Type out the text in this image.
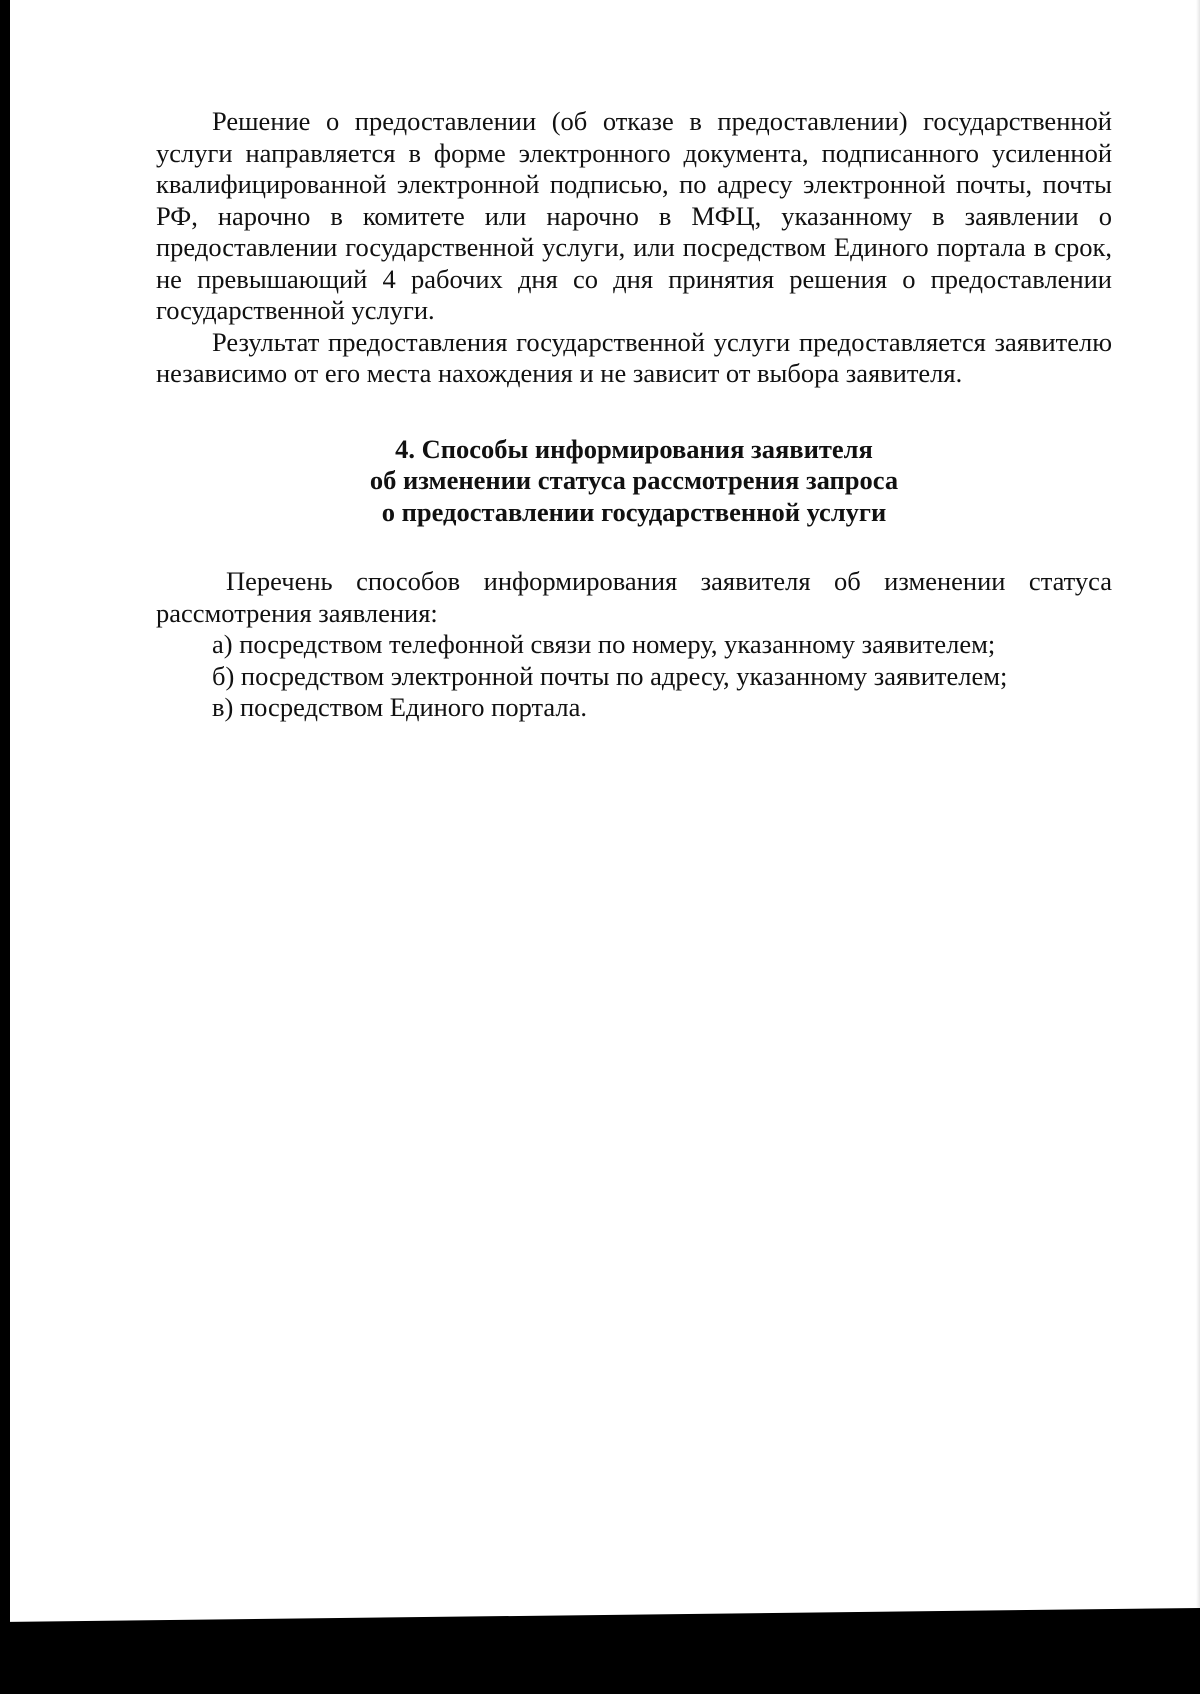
Решение о предоставлении (об отказе в предоставлении) государственной услуги направляется в форме электронного документа, подписанного усиленной квалифицированной электронной подписью, по адресу электронной почты, почты РФ, нарочно в комитете или нарочно в МФЦ, указанному в заявлении о предоставлении государственной услуги, или посредством Единого портала в срок, не превышающий 4 рабочих дня со дня принятия решения о предоставлении государственной услуги.

Результат предоставления государственной услуги предоставляется заявителю независимо от его места нахождения и не зависит от выбора заявителя.

4. Способы информирования заявителя
об изменении статуса рассмотрения запроса
о предоставлении государственной услуги

Перечень способов информирования заявителя об изменении статуса рассмотрения заявления:

а) посредством телефонной связи по номеру, указанному заявителем;
б) посредством электронной почты по адресу, указанному заявителем;
в) посредством Единого портала.
